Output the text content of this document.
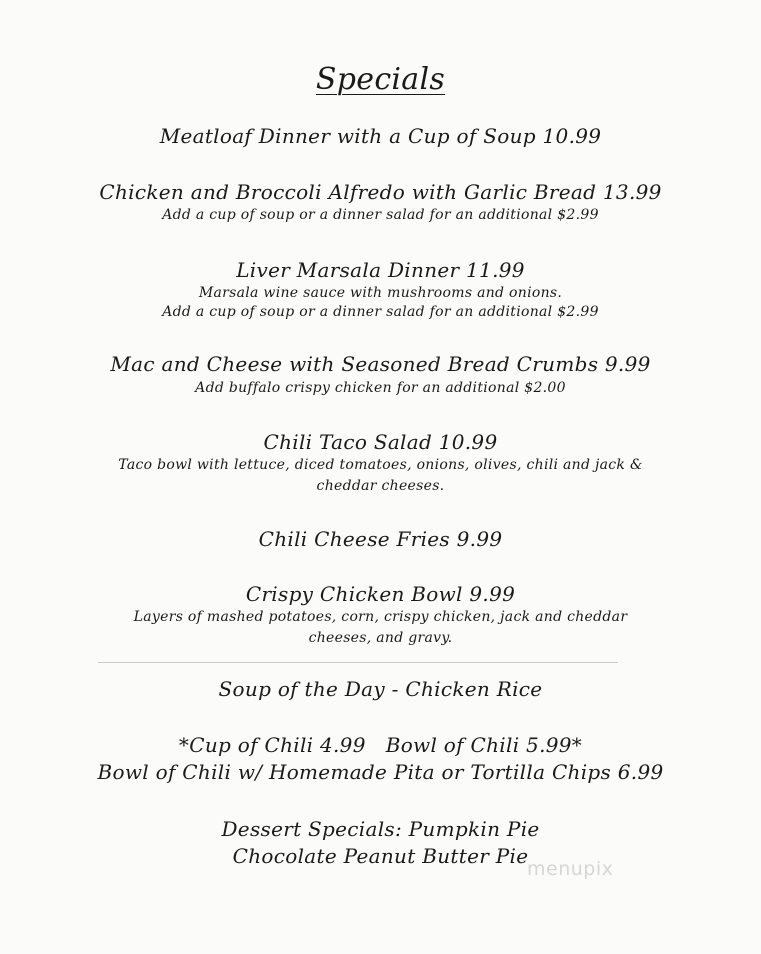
Specials
Meatloaf Dinner with a Cup of Soup 10.99
Chicken and Broccoli Alfredo with Garlic Bread 13.99
Add a cup of soup or a dinner salad for an additional $2.99
Liver Marsala Dinner 11.99
Marsala wine sauce with mushrooms and onions.
Add a cup of soup or a dinner salad for an additional $2.99
Mac and Cheese with Seasoned Bread Crumbs 9.99
Add buffalo crispy chicken for an additional $2.00
Chili Taco Salad 10.99
Taco bowl with lettuce, diced tomatoes, onions, olives, chili and jack &
cheddar cheeses.
Chili Cheese Fries 9.99
Crispy Chicken Bowl 9.99
Layers of mashed potatoes, corn, crispy chicken, jack and cheddar
cheeses, and gravy.
Soup of the Day - Chicken Rice
*Cup of Chili 4.99   Bowl of Chili 5.99*
Bowl of Chili w/ Homemade Pita or Tortilla Chips 6.99
Dessert Specials: Pumpkin Pie
Chocolate Peanut Butter Pie
menupix
